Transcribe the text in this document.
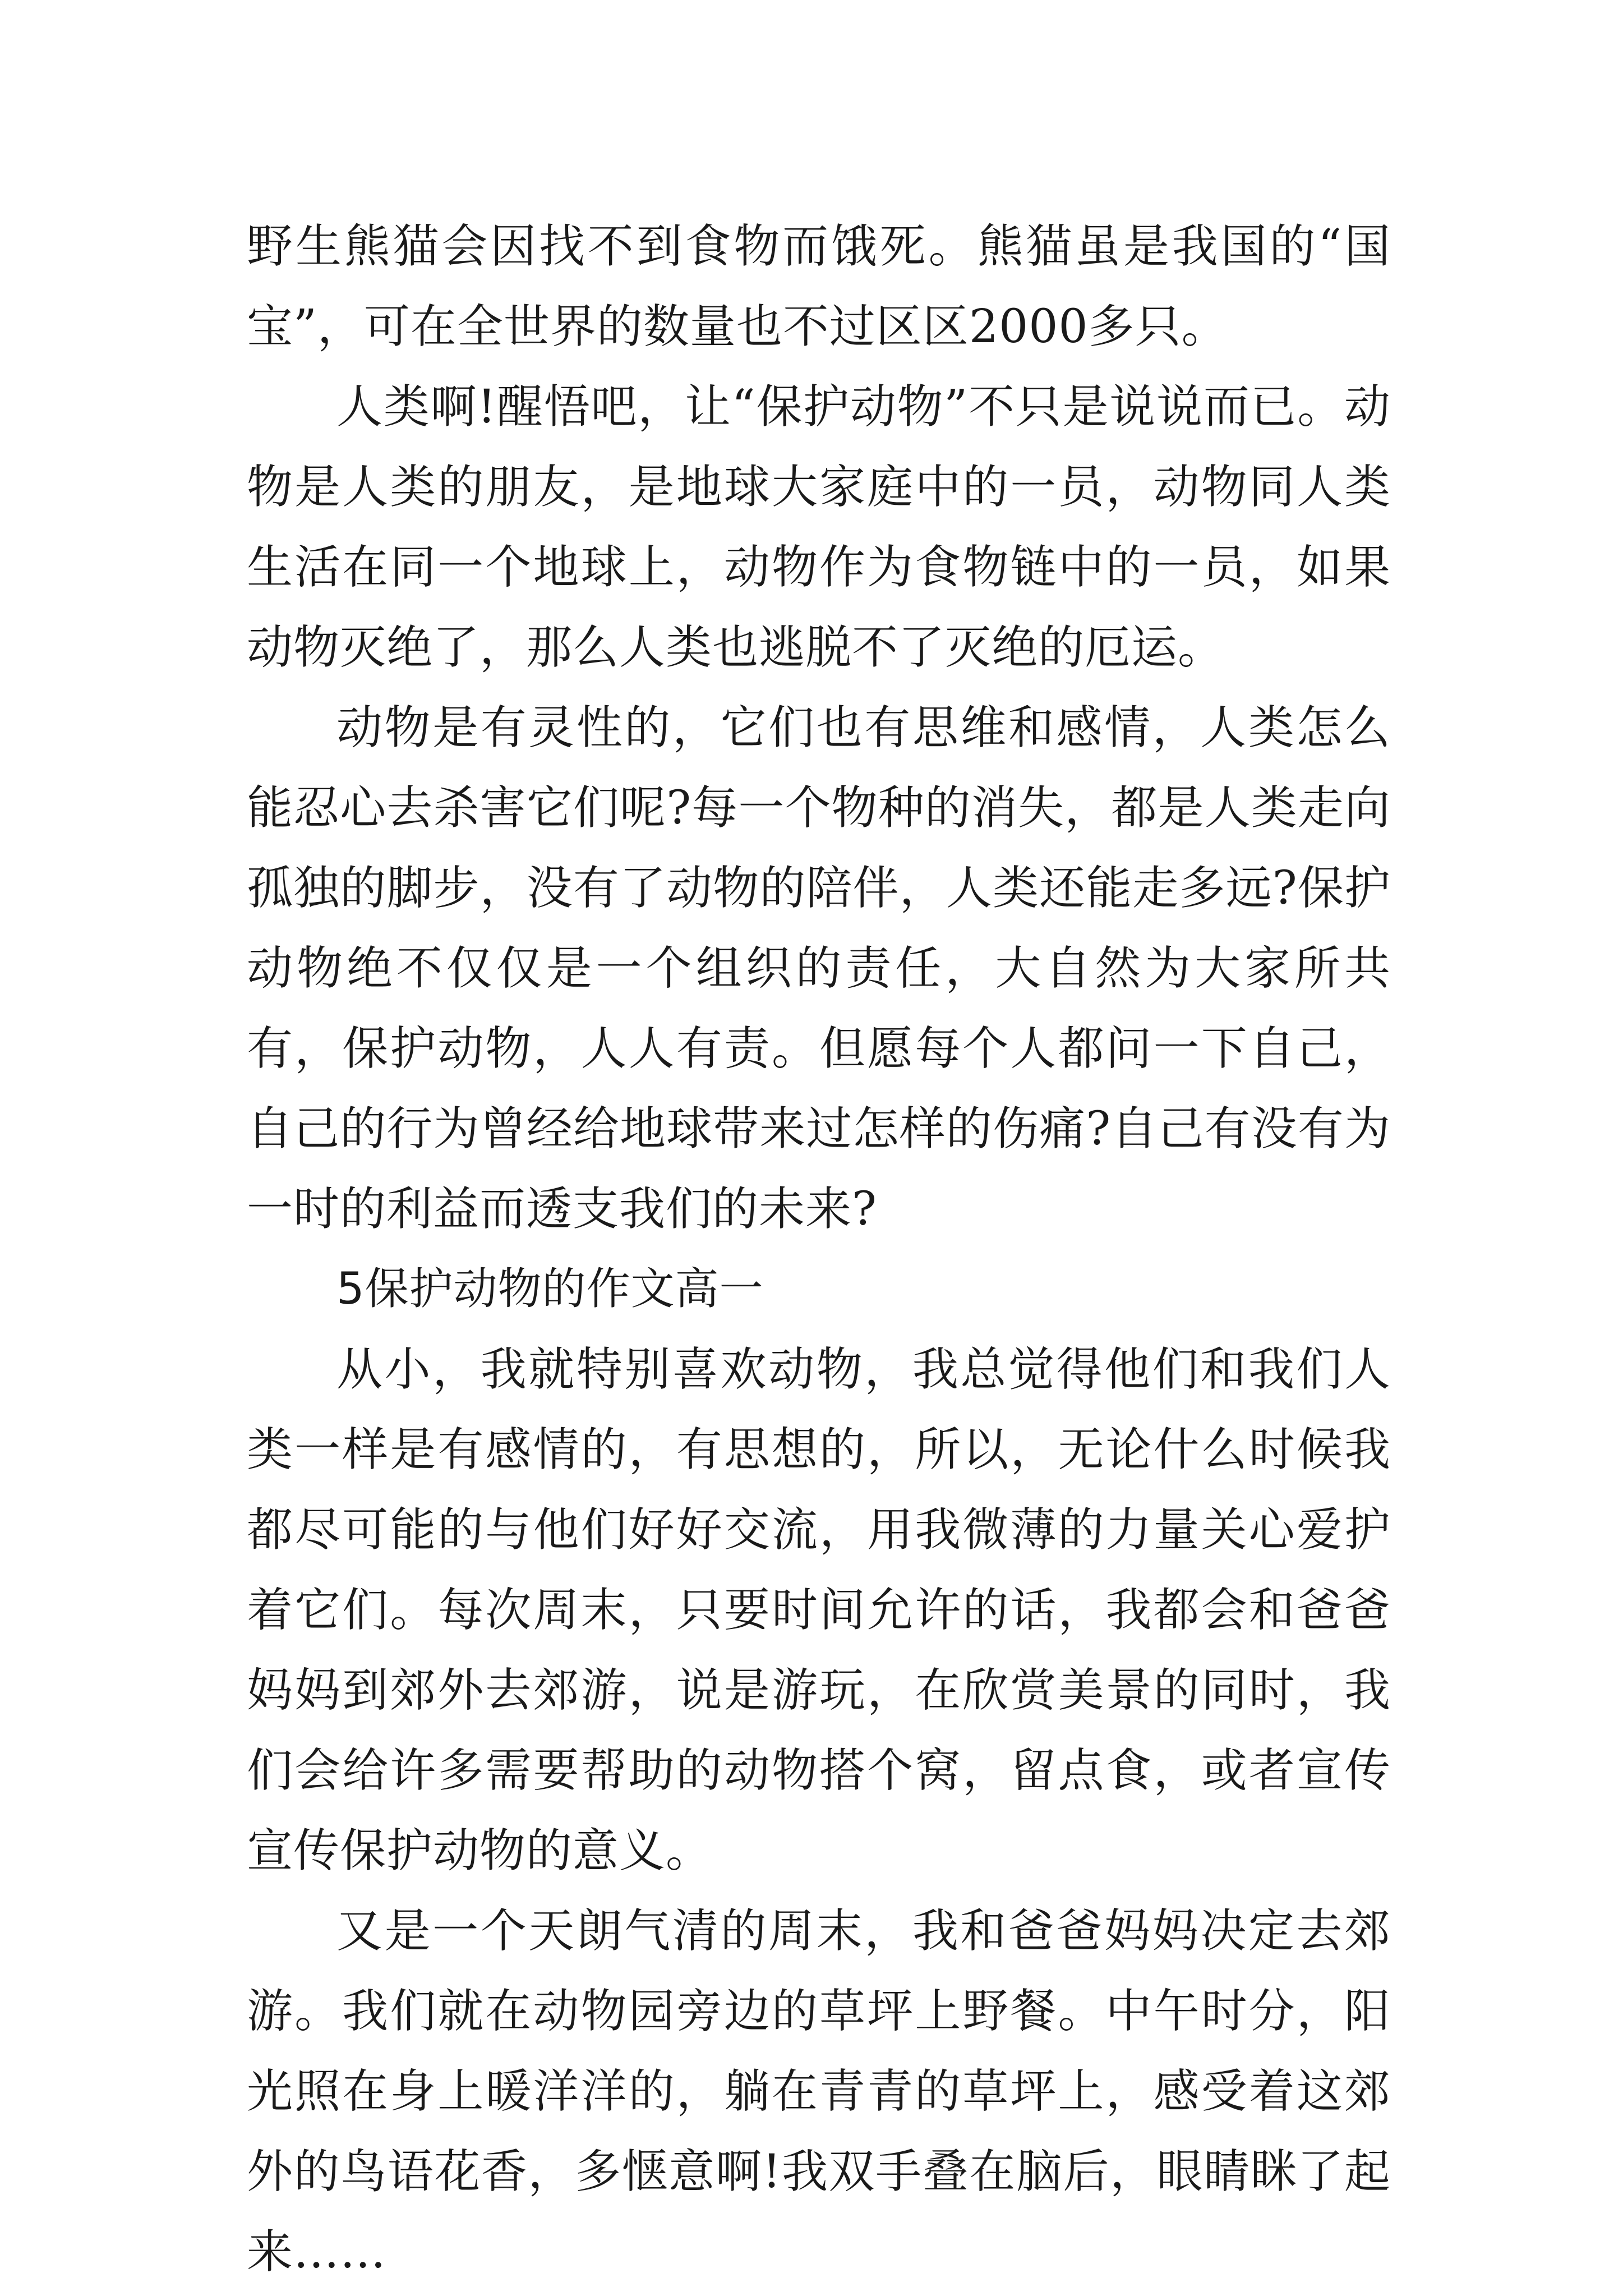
野生熊猫会因找不到食物而饿死。熊猫虽是我国的“国宝”，可在全世界的数量也不过区区2000多只。

人类啊!醒悟吧，让“保护动物”不只是说说而已。动物是人类的朋友，是地球大家庭中的一员，动物同人类生活在同一个地球上，动物作为食物链中的一员，如果动物灭绝了，那么人类也逃脱不了灭绝的厄运。

动物是有灵性的，它们也有思维和感情，人类怎么能忍心去杀害它们呢?每一个物种的消失，都是人类走向孤独的脚步，没有了动物的陪伴，人类还能走多远?保护动物绝不仅仅是一个组织的责任，大自然为大家所共有，保护动物，人人有责。但愿每个人都问一下自己，自己的行为曾经给地球带来过怎样的伤痛?自己有没有为一时的利益而透支我们的未来?

5保护动物的作文高一

从小，我就特别喜欢动物，我总觉得他们和我们人类一样是有感情的，有思想的，所以，无论什么时候我都尽可能的与他们好好交流，用我微薄的力量关心爱护着它们。每次周末，只要时间允许的话，我都会和爸爸妈妈到郊外去郊游，说是游玩，在欣赏美景的同时，我们会给许多需要帮助的动物搭个窝，留点食，或者宣传宣传保护动物的意义。

又是一个天朗气清的周末，我和爸爸妈妈决定去郊游。我们就在动物园旁边的草坪上野餐。中午时分，阳光照在身上暖洋洋的，躺在青青的草坪上，感受着这郊外的鸟语花香，多惬意啊!我双手叠在脑后，眼睛眯了起来……
